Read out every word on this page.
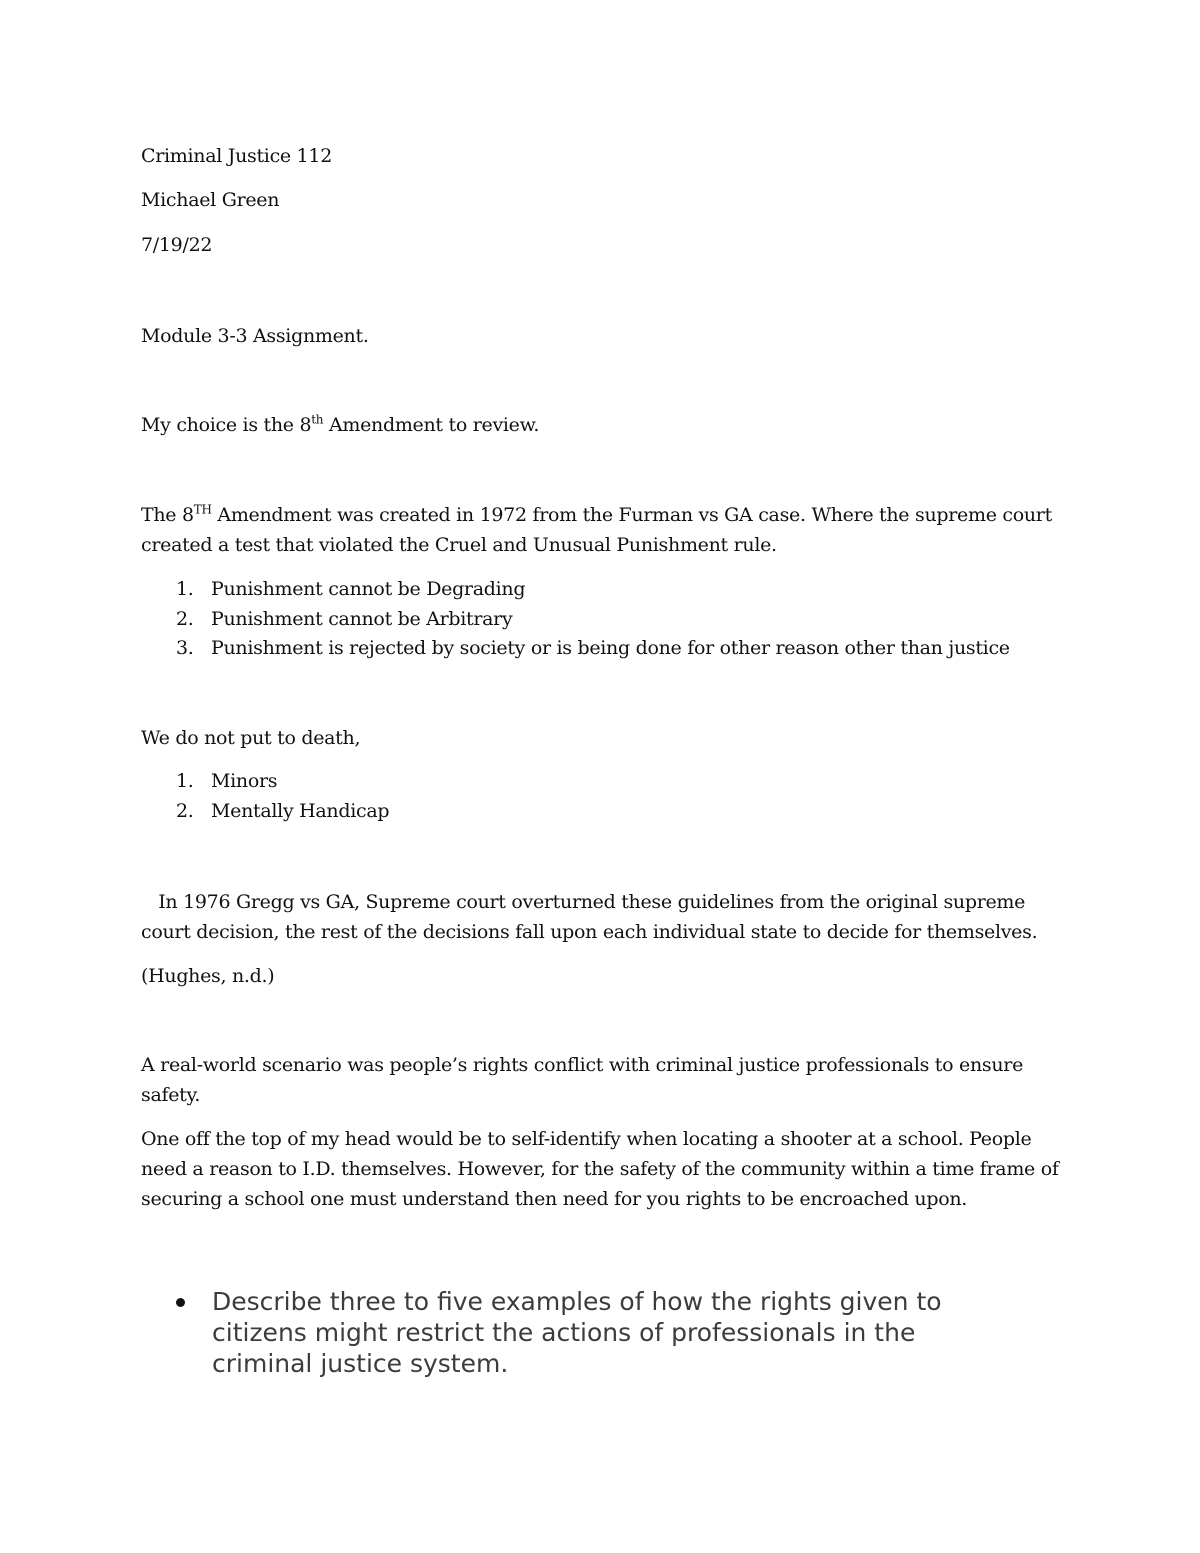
Criminal Justice 112
Michael Green
7/19/22
Module 3-3 Assignment.
My choice is the 8th Amendment to review.
The 8TH Amendment was created in 1972 from the Furman vs GA case. Where the supreme court created a test that violated the Cruel and Unusual Punishment rule.
1. Punishment cannot be Degrading
2. Punishment cannot be Arbitrary
3. Punishment is rejected by society or is being done for other reason other than justice
We do not put to death,
1. Minors
2. Mentally Handicap
In 1976 Gregg vs GA, Supreme court overturned these guidelines from the original supreme court decision, the rest of the decisions fall upon each individual state to decide for themselves.
(Hughes, n.d.)
A real-world scenario was people’s rights conflict with criminal justice professionals to ensure safety.
One off the top of my head would be to self-identify when locating a shooter at a school. People need a reason to I.D. themselves. However, for the safety of the community within a time frame of securing a school one must understand then need for you rights to be encroached upon.
Describe three to five examples of how the rights given to citizens might restrict the actions of professionals in the criminal justice system.
